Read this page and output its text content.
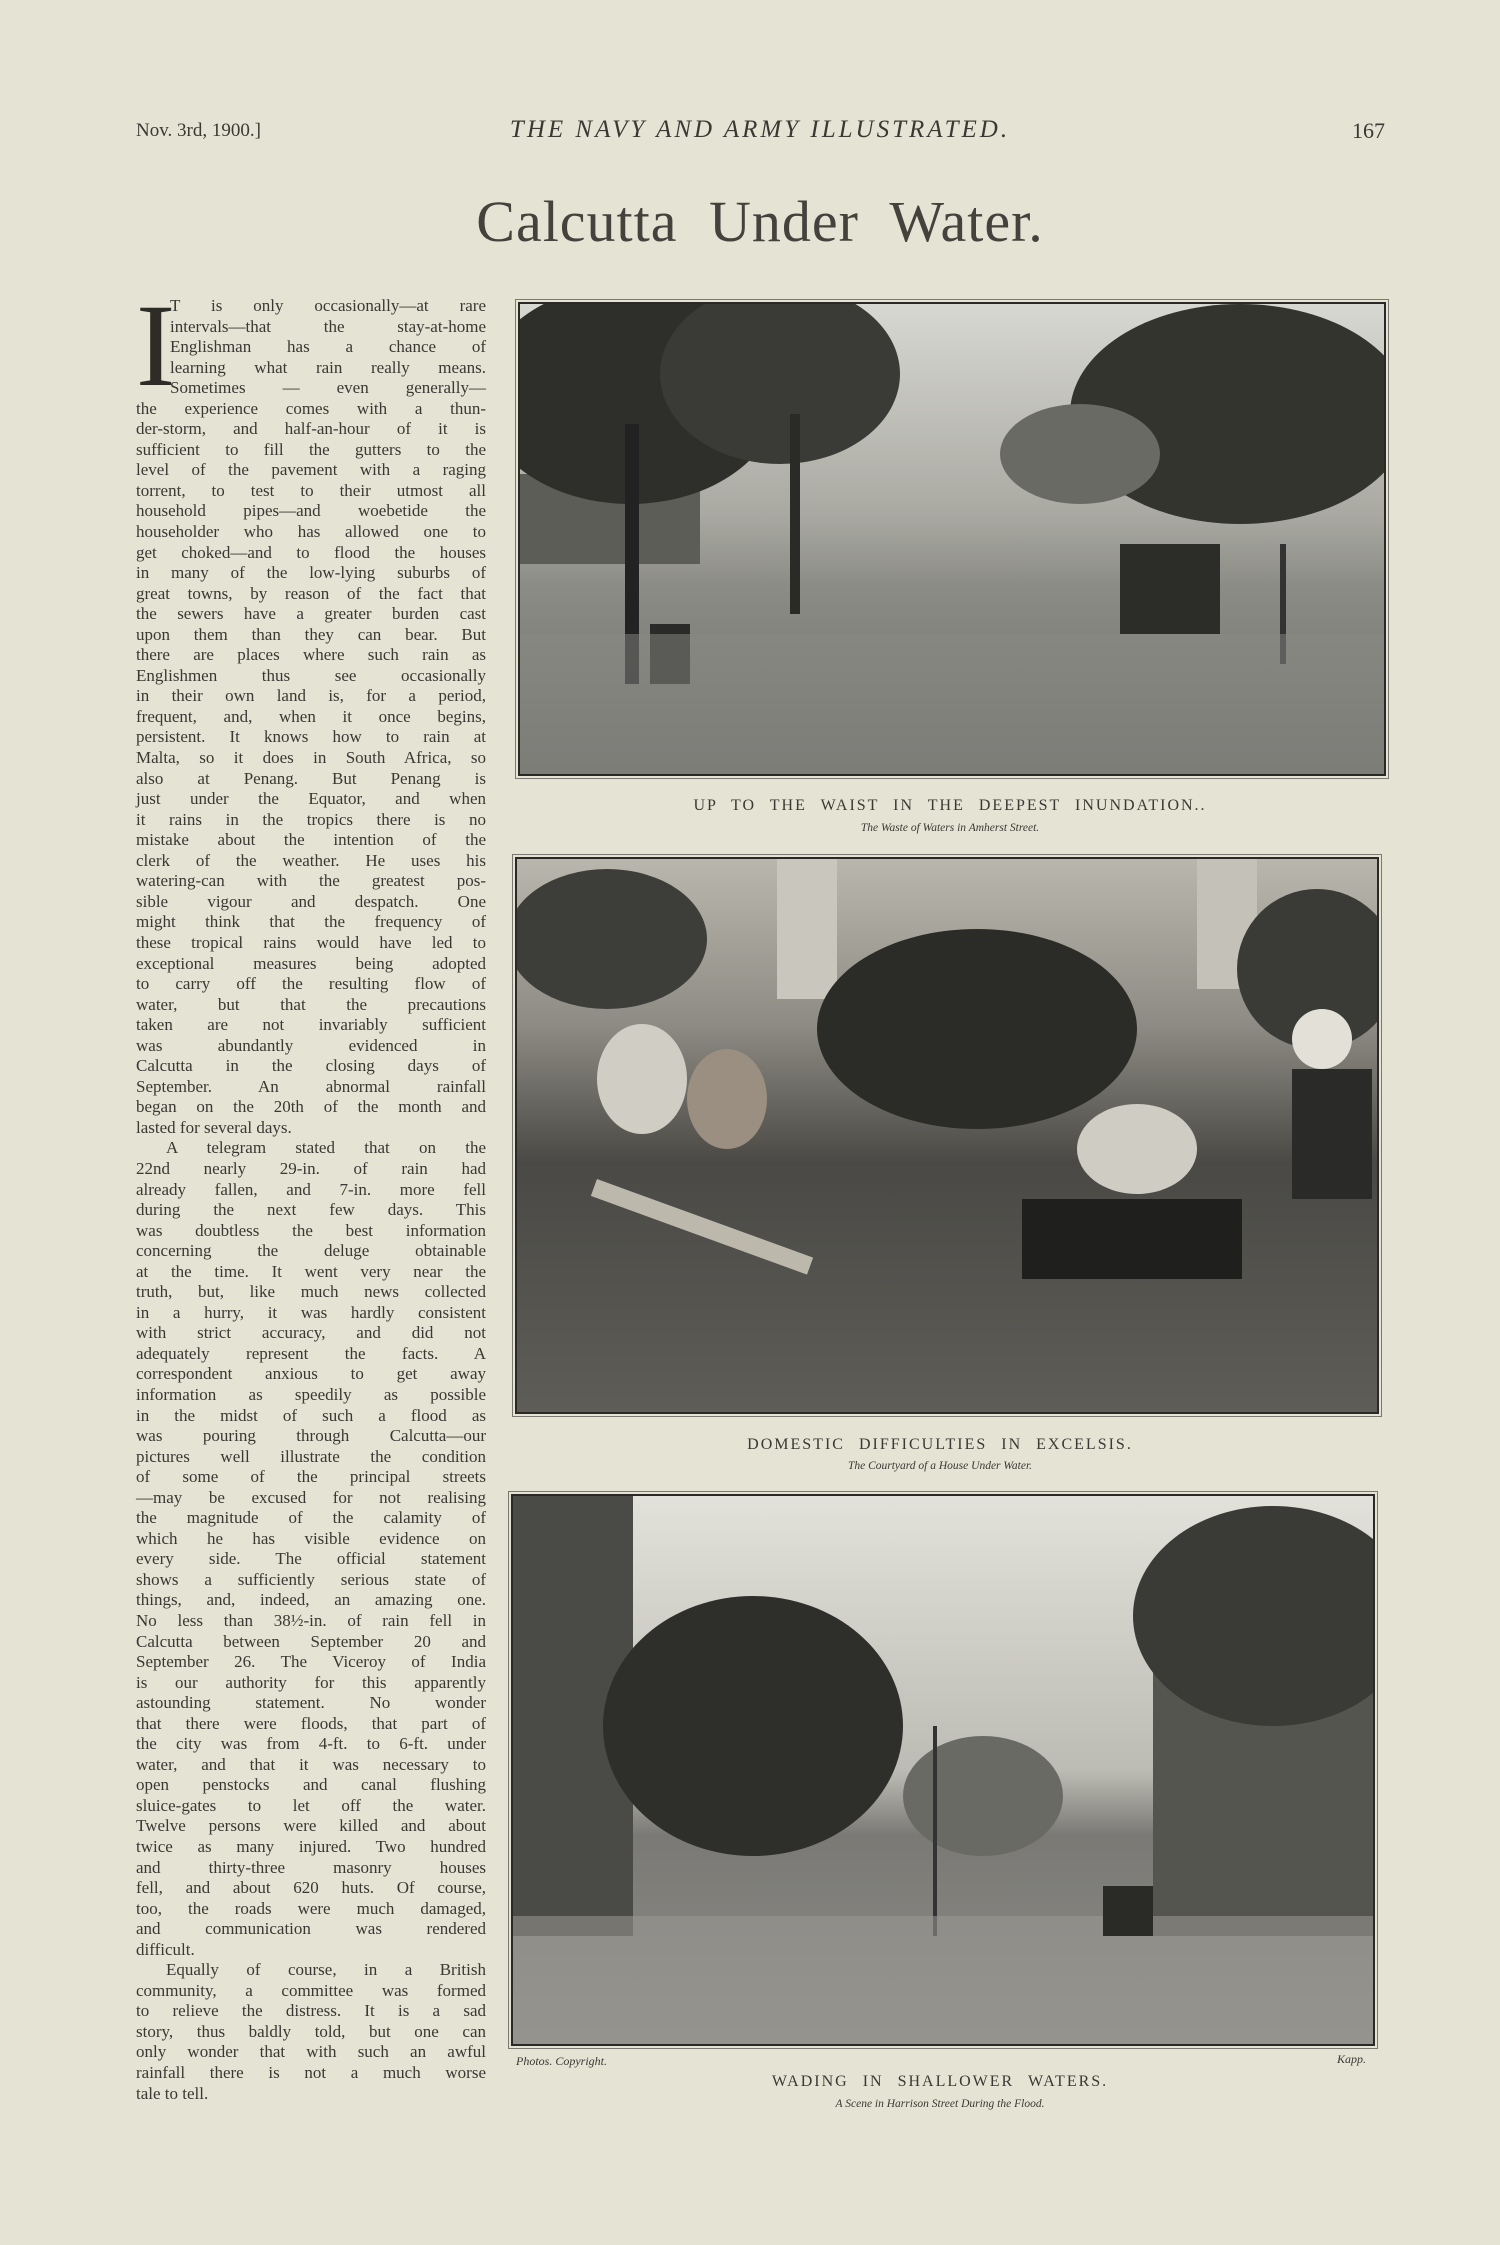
Nov. 3rd, 1900.]	THE NAVY AND ARMY ILLUSTRATED.	167
Calcutta Under Water.
I
T is only occasionally—at rare
intervals—that the stay-at-home
Englishman has a chance of
learning what rain really means.
Sometimes — even generally—
the experience comes with a thun-
der-storm, and half-an-hour of it is
sufficient to fill the gutters to the
level of the pavement with a raging
torrent, to test to their utmost all
household pipes—and woebetide the
householder who has allowed one to
get choked—and to flood the houses
in many of the low-lying suburbs of
great towns, by reason of the fact that
the sewers have a greater burden cast
upon them than they can bear. But
there are places where such rain as
Englishmen thus see occasionally
in their own land is, for a period,
frequent, and, when it once begins,
persistent. It knows how to rain at
Malta, so it does in South Africa, so
also at Penang. But Penang is
just under the Equator, and when
it rains in the tropics there is no
mistake about the intention of the
clerk of the weather. He uses his
watering-can with the greatest pos-
sible vigour and despatch. One
might think that the frequency of
these tropical rains would have led to
exceptional measures being adopted
to carry off the resulting flow of
water, but that the precautions
taken are not invariably sufficient
was abundantly evidenced in
Calcutta in the closing days of
September. An abnormal rainfall
began on the 20th of the month and
lasted for several days.
A telegram stated that on the
22nd nearly 29-in. of rain had
already fallen, and 7-in. more fell
during the next few days. This
was doubtless the best information
concerning the deluge obtainable
at the time. It went very near the
truth, but, like much news collected
in a hurry, it was hardly consistent
with strict accuracy, and did not
adequately represent the facts. A
correspondent anxious to get away
information as speedily as possible
in the midst of such a flood as
was pouring through Calcutta—our
pictures well illustrate the condition
of some of the principal streets
—may be excused for not realising
the magnitude of the calamity of
which he has visible evidence on
every side. The official statement
shows a sufficiently serious state of
things, and, indeed, an amazing one.
No less than 38½-in. of rain fell in
Calcutta between September 20 and
September 26. The Viceroy of India
is our authority for this apparently
astounding statement. No wonder
that there were floods, that part of
the city was from 4-ft. to 6-ft. under
water, and that it was necessary to
open penstocks and canal flushing
sluice-gates to let off the water.
Twelve persons were killed and about
twice as many injured. Two hundred
and thirty-three masonry houses
fell, and about 620 huts. Of course,
too, the roads were much damaged,
and communication was rendered
difficult.
Equally of course, in a British
community, a committee was formed
to relieve the distress. It is a sad
story, thus baldly told, but one can
only wonder that with such an awful
rainfall there is not a much worse
tale to tell.
UP TO THE WAIST IN THE DEEPEST INUNDATION..
The Waste of Waters in Amherst Street.
DOMESTIC DIFFICULTIES IN EXCELSIS.
The Courtyard of a House Under Water.
Photos. Copyright.	Kapp.
WADING IN SHALLOWER WATERS.
A Scene in Harrison Street During the Flood.
